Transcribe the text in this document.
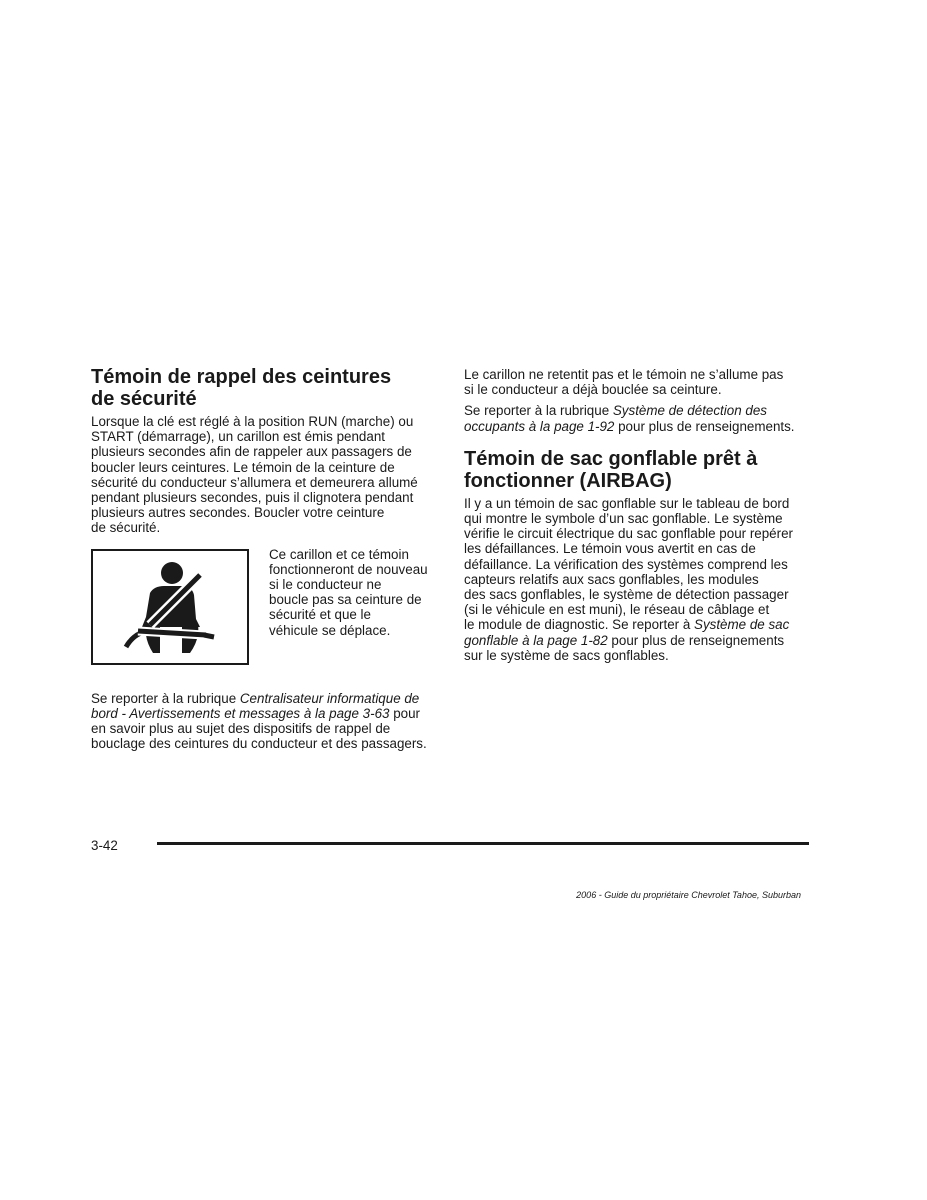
Témoin de rappel des ceintures
de sécurité

Lorsque la clé est réglé à la position RUN (marche) ou
START (démarrage), un carillon est émis pendant
plusieurs secondes afin de rappeler aux passagers de
boucler leurs ceintures. Le témoin de la ceinture de
sécurité du conducteur s’allumera et demeurera allumé
pendant plusieurs secondes, puis il clignotera pendant
plusieurs autres secondes. Boucler votre ceinture
de sécurité.

Ce carillon et ce témoin
fonctionneront de nouveau
si le conducteur ne
boucle pas sa ceinture de
sécurité et que le
véhicule se déplace.

Se reporter à la rubrique Centralisateur informatique de
bord - Avertissements et messages à la page 3-63 pour
en savoir plus au sujet des dispositifs de rappel de
bouclage des ceintures du conducteur et des passagers.

Le carillon ne retentit pas et le témoin ne s’allume pas
si le conducteur a déjà bouclée sa ceinture.

Se reporter à la rubrique Système de détection des
occupants à la page 1-92 pour plus de renseignements.

Témoin de sac gonflable prêt à
fonctionner (AIRBAG)

Il y a un témoin de sac gonflable sur le tableau de bord
qui montre le symbole d’un sac gonflable. Le système
vérifie le circuit électrique du sac gonflable pour repérer
les défaillances. Le témoin vous avertit en cas de
défaillance. La vérification des systèmes comprend les
capteurs relatifs aux sacs gonflables, les modules
des sacs gonflables, le système de détection passager
(si le véhicule en est muni), le réseau de câblage et
le module de diagnostic. Se reporter à Système de sac
gonflable à la page 1-82 pour plus de renseignements
sur le système de sacs gonflables.

3-42
2006 - Guide du propriétaire Chevrolet Tahoe, Suburban
